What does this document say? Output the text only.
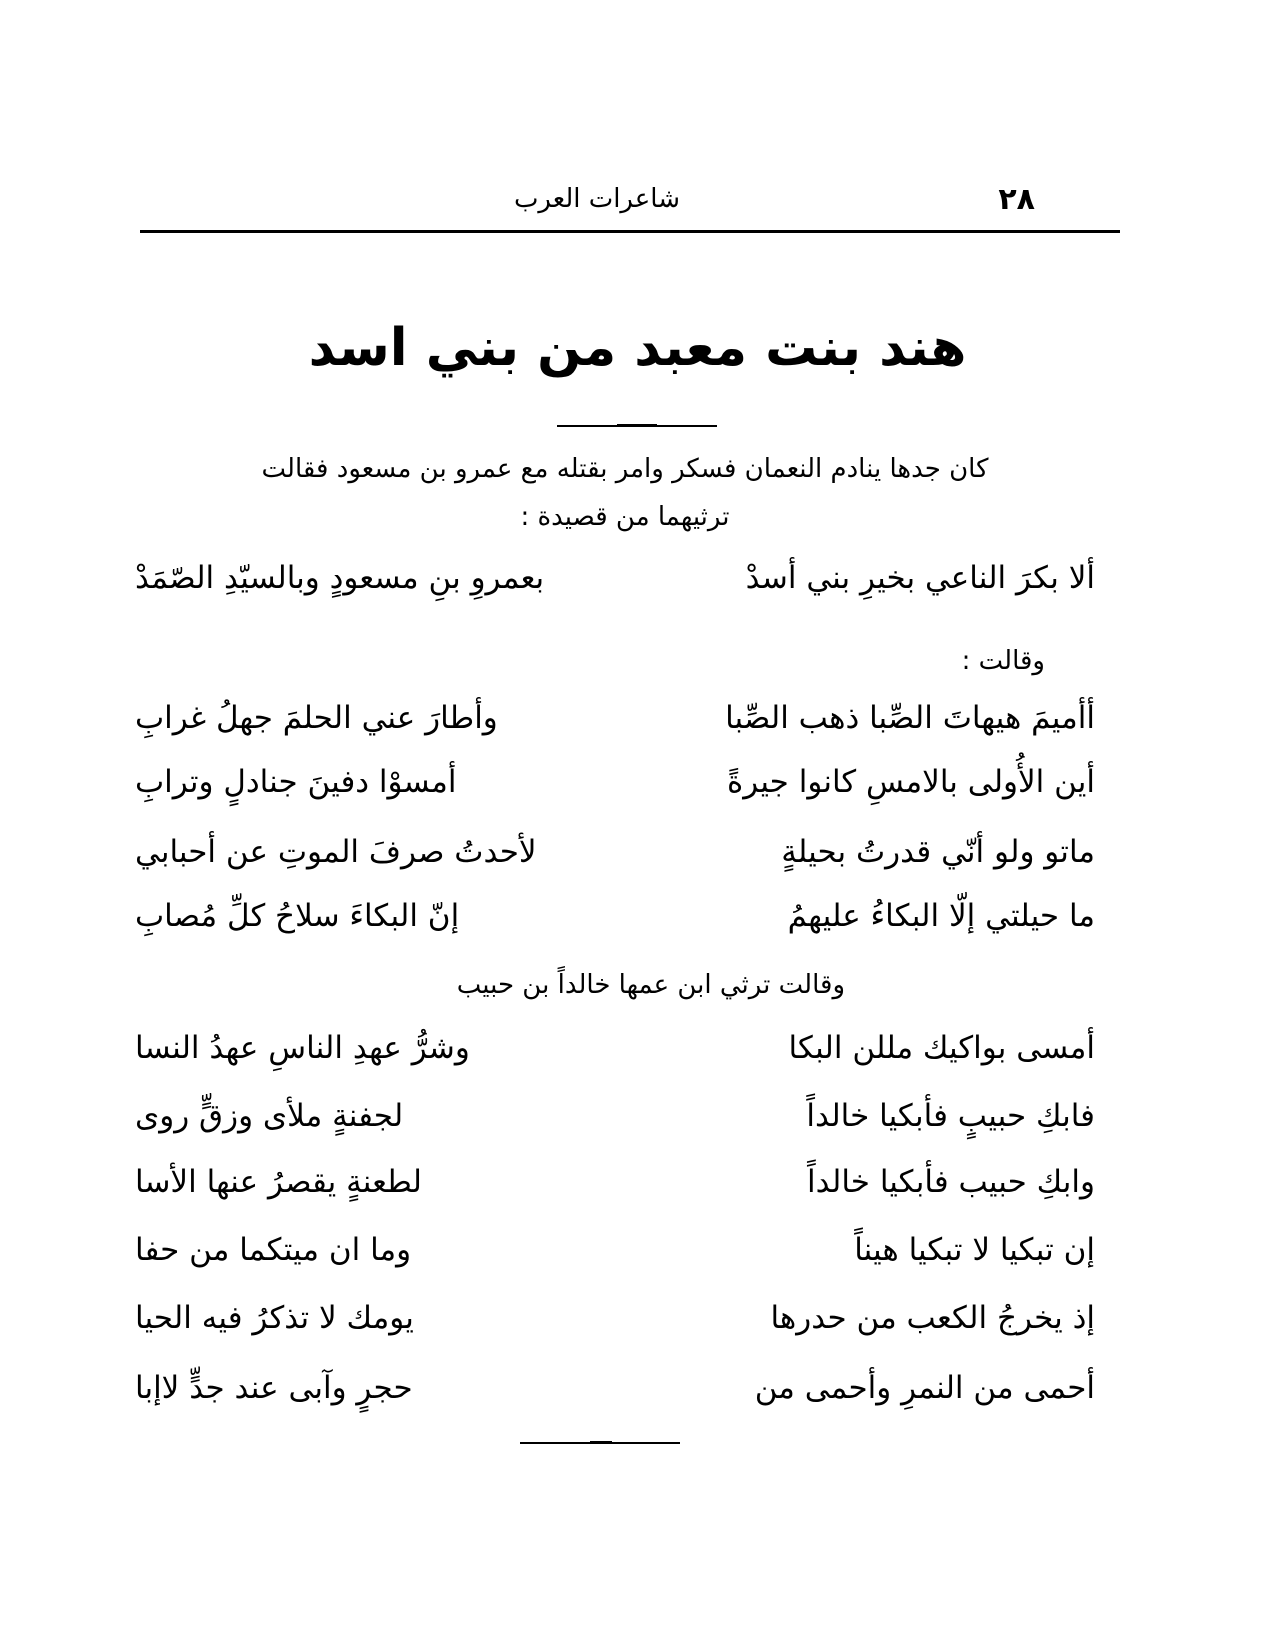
٢٨
شاعرات العرب
هند بنت معبد من بني اسد
كان جدها ينادم النعمان فسكر وامر بقتله مع عمرو بن مسعود فقالت
ترثيهما من قصيدة :
ألا بكرَ الناعي بخيرِ بني أسدْ
بعمروِ بنِ مسعودٍ وبالسيّدِ الصّمَدْ
وقالت :
أأميمَ هيهاتَ الصِّبا ذهب الصِّبا
وأطارَ عني الحلمَ جهلُ غرابِ
أين الأُولى بالامسِ كانوا جيرةً
أمسوْا دفينَ جنادلٍ وترابِ
ماتو ولو أنّي قدرتُ بحيلةٍ
لأحدتُ صرفَ الموتِ عن أحبابي
ما حيلتي إلّا البكاءُ عليهمُ
إنّ البكاءَ سلاحُ كلِّ مُصابِ
وقالت ترثي ابن عمها خالداً بن حبيب
أمسى بواكيك مللن البكا
وشرُّ عهدِ الناسِ عهدُ النسا
فابكِ حبيبٍ فأبكيا خالداً
لجفنةٍ ملأى وزقٍّ روى
وابكِ حبيب فأبكيا خالداً
لطعنةٍ يقصرُ عنها الأسا
إن تبكيا لا تبكيا هيناً
وما ان ميتكما من حفا
إذ يخرجُ الكعب من حدرها
يومك لا تذكرُ فيه الحيا
أحمى من النمرِ وأحمى من
حجرٍ وآبى عند جدٍّ لاإبا
